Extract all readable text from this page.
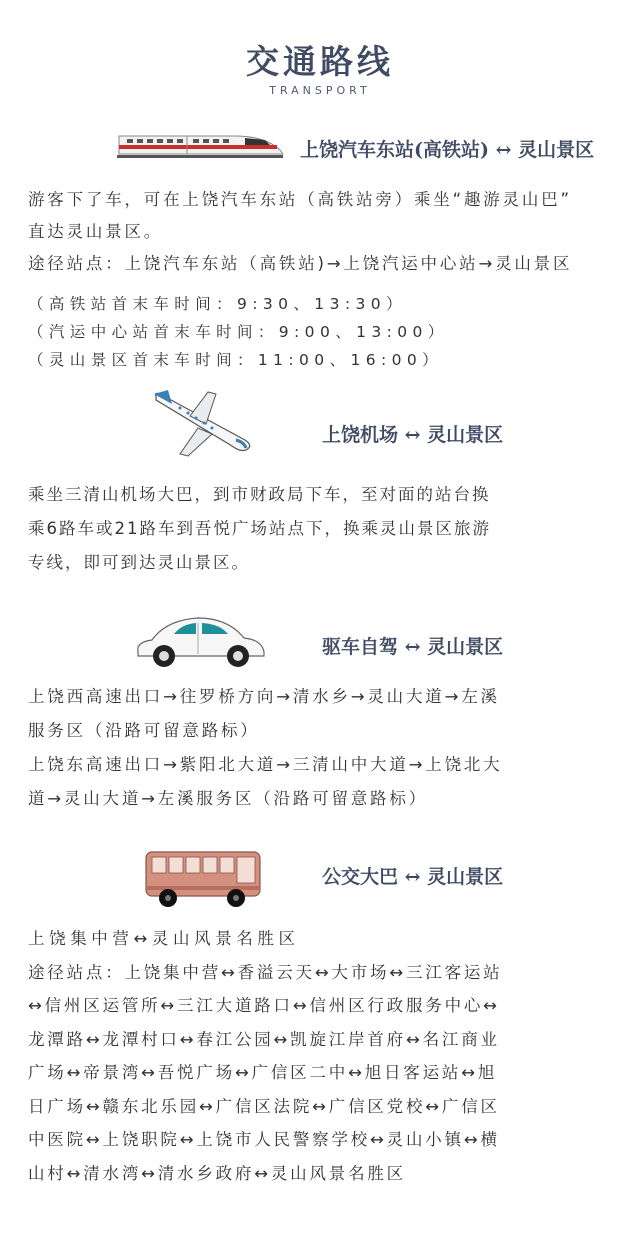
交通路线
TRANSPORT
上饶汽车东站(高铁站) ↔ 灵山景区
游客下了车，可在上饶汽车东站（高铁站旁）乘坐“趣游灵山巴”
直达灵山景区。
途径站点：上饶汽车东站（高铁站)→上饶汽运中心站→灵山景区
（高铁站首末车时间：9:30、13:30）
（汽运中心站首末车时间：9:00、13:00）
（灵山景区首末车时间：11:00、16:00）
上饶机场 ↔ 灵山景区
乘坐三清山机场大巴，到市财政局下车，至对面的站台换
乘6路车或21路车到吾悦广场站点下，换乘灵山景区旅游
专线，即可到达灵山景区。
驱车自驾 ↔ 灵山景区
上饶西高速出口→往罗桥方向→清水乡→灵山大道→左溪
服务区（沿路可留意路标）
上饶东高速出口→紫阳北大道→三清山中大道→上饶北大
道→灵山大道→左溪服务区（沿路可留意路标）
公交大巴 ↔ 灵山景区
上饶集中营↔灵山风景名胜区
途径站点：上饶集中营↔香溢云天↔大市场↔三江客运站
↔信州区运管所↔三江大道路口↔信州区行政服务中心↔
龙潭路↔龙潭村口↔春江公园↔凯旋江岸首府↔名江商业
广场↔帝景湾↔吾悦广场↔广信区二中↔旭日客运站↔旭
日广场↔赣东北乐园↔广信区法院↔广信区党校↔广信区
中医院↔上饶职院↔上饶市人民警察学校↔灵山小镇↔横
山村↔清水湾↔清水乡政府↔灵山风景名胜区
